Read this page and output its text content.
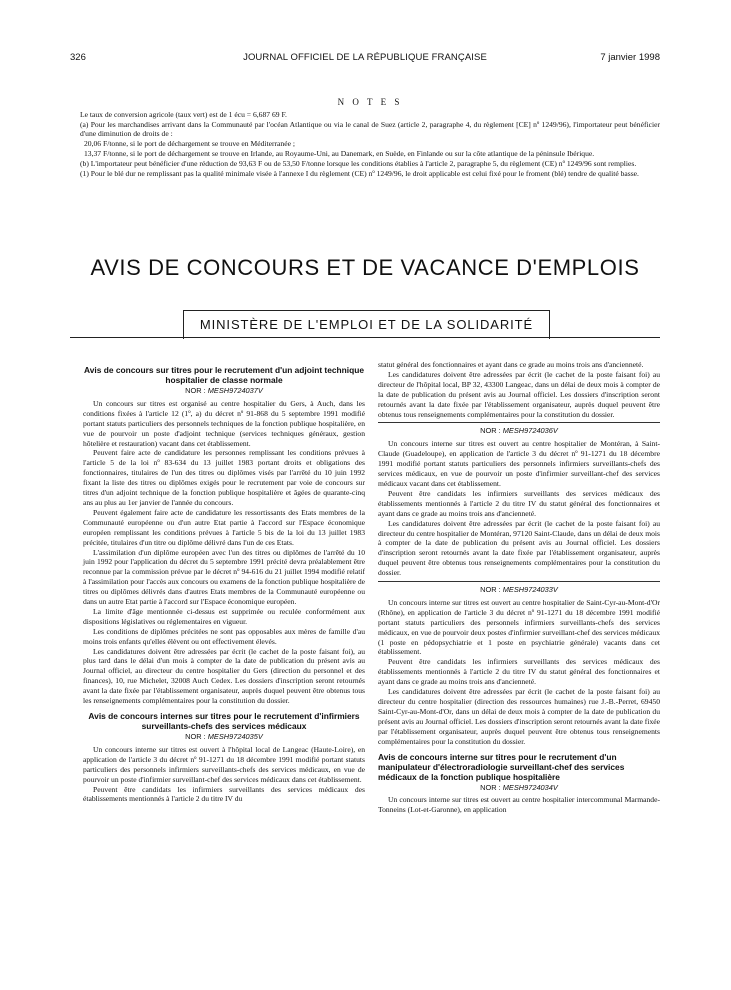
326	JOURNAL OFFICIEL DE LA RÉPUBLIQUE FRANÇAISE	7 janvier 1998
N O T E S

Le taux de conversion agricole (taux vert) est de 1 écu = 6,687 69 F.

(a) Pour les marchandises arrivant dans la Communauté par l'océan Atlantique ou via le canal de Suez (article 2, paragraphe 4, du règlement [CE] nº 1249/96), l'importateur peut bénéficier d'une diminution de droits de :

20,06 F/tonne, si le port de déchargement se trouve en Méditerranée ;

13,37 F/tonne, si le port de déchargement se trouve en Irlande, au Royaume-Uni, au Danemark, en Suède, en Finlande ou sur la côte atlantique de la péninsule Ibérique.

(b) L'importateur peut bénéficier d'une réduction de 93,63 F ou de 53,50 F/tonne lorsque les conditions établies à l'article 2, paragraphe 5, du règlement (CE) nº 1249/96 sont remplies.

(1) Pour le blé dur ne remplissant pas la qualité minimale visée à l'annexe I du règlement (CE) nº 1249/96, le droit applicable est celui fixé pour le froment (blé) tendre de qualité basse.

AVIS DE CONCOURS ET DE VACANCE D'EMPLOIS
MINISTÈRE DE L'EMPLOI ET DE LA SOLIDARITÉ
Avis de concours sur titres pour le recrutement d'un adjoint technique hospitalier de classe normale
NOR : MESH9724037V

Un concours sur titres est organisé au centre hospitalier du Gers, à Auch, dans les conditions fixées à l'article 12 (1º, a) du décret nº 91-868 du 5 septembre 1991 modifié portant statuts particuliers des personnels techniques de la fonction publique hospitalière, en vue de pourvoir un poste d'adjoint technique (services techniques généraux, gestion hôtelière et restauration) vacant dans cet établissement.

Peuvent faire acte de candidature les personnes remplissant les conditions prévues à l'article 5 de la loi nº 83-634 du 13 juillet 1983 portant droits et obligations des fonctionnaires, titulaires de l'un des titres ou diplômes visés par l'arrêté du 10 juin 1992 fixant la liste des titres ou diplômes exigés pour le recrutement par voie de concours sur titres d'un adjoint technique de la fonction publique hospitalière et âgées de quarante-cinq ans au plus au 1er janvier de l'année du concours.

Peuvent également faire acte de candidature les ressortissants des Etats membres de la Communauté européenne ou d'un autre Etat partie à l'accord sur l'Espace économique européen remplissant les conditions prévues à l'article 5 bis de la loi du 13 juillet 1983 précitée, titulaires d'un titre ou diplôme délivré dans l'un de ces Etats.

L'assimilation d'un diplôme européen avec l'un des titres ou diplômes de l'arrêté du 10 juin 1992 pour l'application du décret du 5 septembre 1991 précité devra préalablement être reconnue par la commission prévue par le décret nº 94-616 du 21 juillet 1994 modifié relatif à l'assimilation pour l'accès aux concours ou examens de la fonction publique hospitalière de titres ou diplômes délivrés dans d'autres Etats membres de la Communauté européenne ou dans un autre Etat partie à l'accord sur l'Espace économique européen.

La limite d'âge mentionnée ci-dessus est supprimée ou reculée conformément aux dispositions législatives ou réglementaires en vigueur.

Les conditions de diplômes précitées ne sont pas opposables aux mères de famille d'au moins trois enfants qu'elles élèvent ou ont effectivement élevés.

Les candidatures doivent être adressées par écrit (le cachet de la poste faisant foi), au plus tard dans le délai d'un mois à compter de la date de publication du présent avis au Journal officiel, au directeur du centre hospitalier du Gers (direction du personnel et des finances), 10, rue Michelet, 32008 Auch Cedex. Les dossiers d'inscription seront retournés avant la date fixée par l'établissement organisateur, auprès duquel peuvent être obtenus tous les renseignements complémentaires pour la constitution du dossier.

Avis de concours internes sur titres pour le recrutement d'infirmiers surveillants-chefs des services médicaux
NOR : MESH9724035V

Un concours interne sur titres est ouvert à l'hôpital local de Langeac (Haute-Loire), en application de l'article 3 du décret nº 91-1271 du 18 décembre 1991 modifié portant statuts particuliers des personnels infirmiers surveillants-chefs des services médicaux, en vue de pourvoir un poste d'infirmier surveillant-chef des services médicaux dans cet établissement.

Peuvent être candidats les infirmiers surveillants des services médicaux des établissements mentionnés à l'article 2 du titre IV du

statut général des fonctionnaires et ayant dans ce grade au moins trois ans d'ancienneté.

Les candidatures doivent être adressées par écrit (le cachet de la poste faisant foi) au directeur de l'hôpital local, BP 32, 43300 Langeac, dans un délai de deux mois à compter de la date de publication du présent avis au Journal officiel. Les dossiers d'inscription seront retournés avant la date fixée par l'établissement organisateur, auprès duquel peuvent être obtenus tous renseignements complémentaires pour la constitution du dossier.

NOR : MESH9724036V

Un concours interne sur titres est ouvert au centre hospitalier de Montéran, à Saint-Claude (Guadeloupe), en application de l'article 3 du décret nº 91-1271 du 18 décembre 1991 modifié portant statuts particuliers des personnels infirmiers surveillants-chefs des services médicaux, en vue de pourvoir un poste d'infirmier surveillant-chef des services médicaux vacant dans cet établissement.

Peuvent être candidats les infirmiers surveillants des services médicaux des établissements mentionnés à l'article 2 du titre IV du statut général des fonctionnaires et ayant dans ce grade au moins trois ans d'ancienneté.

Les candidatures doivent être adressées par écrit (le cachet de la poste faisant foi) au directeur du centre hospitalier de Montéran, 97120 Saint-Claude, dans un délai de deux mois à compter de la date de publication du présent avis au Journal officiel. Les dossiers d'inscription seront retournés avant la date fixée par l'établissement organisateur, auprès duquel peuvent être obtenus tous renseignements complémentaires pour la constitution du dossier.

NOR : MESH9724033V

Un concours interne sur titres est ouvert au centre hospitalier de Saint-Cyr-au-Mont-d'Or (Rhône), en application de l'article 3 du décret nº 91-1271 du 18 décembre 1991 modifié portant statuts particuliers des personnels infirmiers surveillants-chefs des services médicaux, en vue de pourvoir deux postes d'infirmier surveillant-chef des services médicaux (1 poste en pédopsychiatrie et 1 poste en psychiatrie générale) vacants dans cet établissement.

Peuvent être candidats les infirmiers surveillants des services médicaux des établissements mentionnés à l'article 2 du titre IV du statut général des fonctionnaires et ayant dans ce grade au moins trois ans d'ancienneté.

Les candidatures doivent être adressées par écrit (le cachet de la poste faisant foi) au directeur du centre hospitalier (direction des ressources humaines) rue J.-B.-Perret, 69450 Saint-Cyr-au-Mont-d'Or, dans un délai de deux mois à compter de la date de publication du présent avis au Journal officiel. Les dossiers d'inscription seront retournés avant la date fixée par l'établissement organisateur, auprès duquel peuvent être obtenus tous renseignements complémentaires pour la constitution du dossier.

Avis de concours interne sur titres pour le recrutement d'un manipulateur d'électroradiologie surveillant-chef des services médicaux de la fonction publique hospitalière
NOR : MESH9724034V

Un concours interne sur titres est ouvert au centre hospitalier intercommunal Marmande-Tonneins (Lot-et-Garonne), en application
